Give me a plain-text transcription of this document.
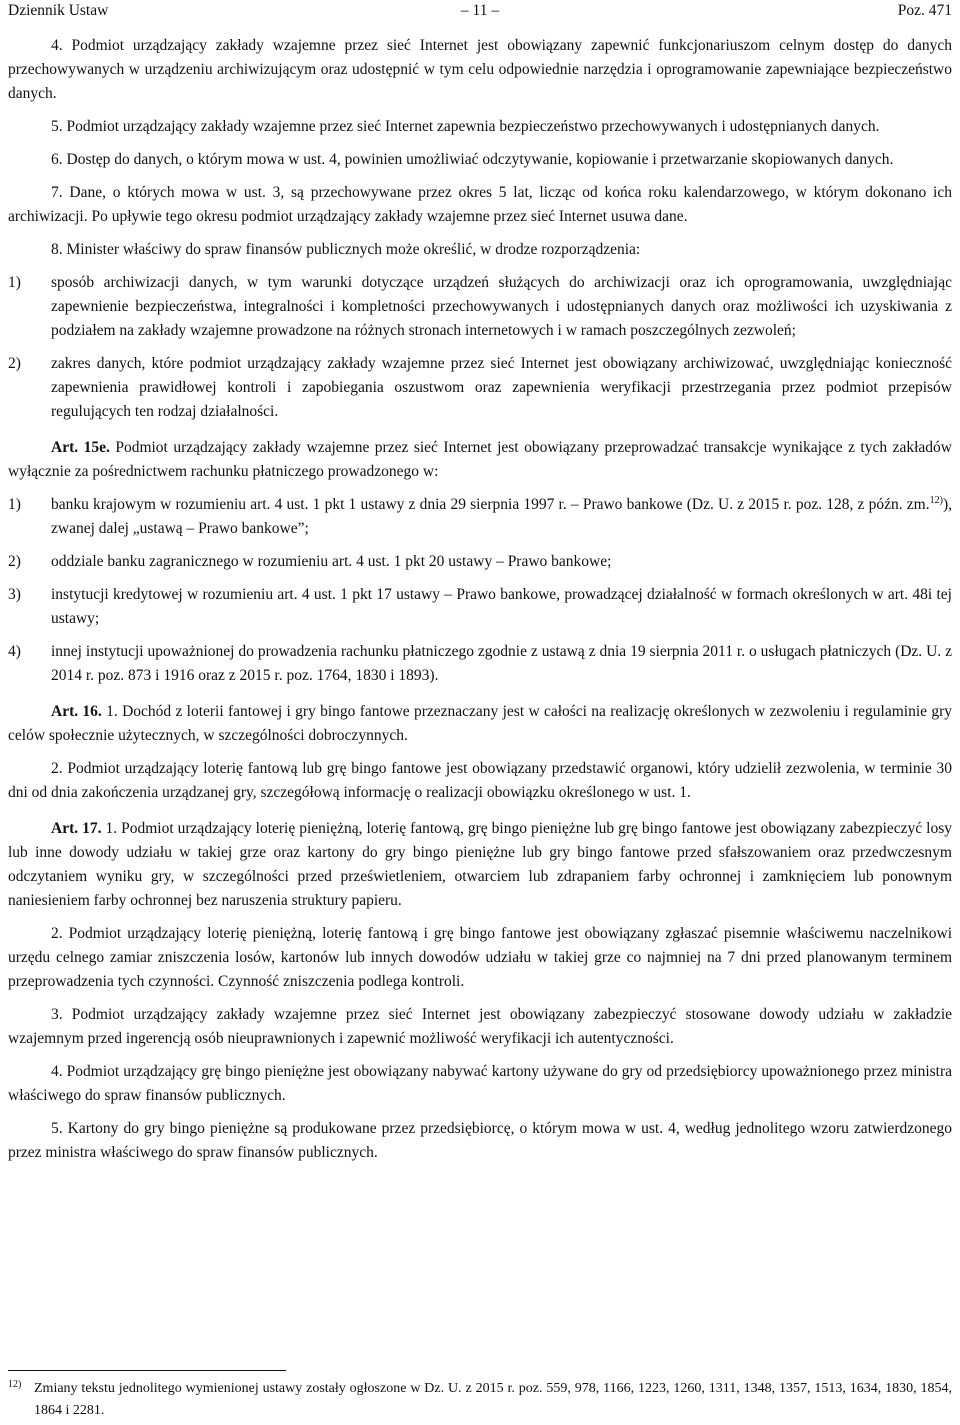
Dziennik Ustaw	– 11 –	Poz. 471

4. Podmiot urządzający zakłady wzajemne przez sieć Internet jest obowiązany zapewnić funkcjonariuszom celnym dostęp do danych przechowywanych w urządzeniu archiwizującym oraz udostępnić w tym celu odpowiednie narzędzia i oprogramowanie zapewniające bezpieczeństwo danych.

5. Podmiot urządzający zakłady wzajemne przez sieć Internet zapewnia bezpieczeństwo przechowywanych i udostępnianych danych.

6. Dostęp do danych, o którym mowa w ust. 4, powinien umożliwiać odczytywanie, kopiowanie i przetwarzanie skopiowanych danych.

7. Dane, o których mowa w ust. 3, są przechowywane przez okres 5 lat, licząc od końca roku kalendarzowego, w którym dokonano ich archiwizacji. Po upływie tego okresu podmiot urządzający zakłady wzajemne przez sieć Internet usuwa dane.

8. Minister właściwy do spraw finansów publicznych może określić, w drodze rozporządzenia:

1)	sposób archiwizacji danych, w tym warunki dotyczące urządzeń służących do archiwizacji oraz ich oprogramowania, uwzględniając zapewnienie bezpieczeństwa, integralności i kompletności przechowywanych i udostępnianych danych oraz możliwości ich uzyskiwania z podziałem na zakłady wzajemne prowadzone na różnych stronach internetowych i w ramach poszczególnych zezwoleń;
2)	zakres danych, które podmiot urządzający zakłady wzajemne przez sieć Internet jest obowiązany archiwizować, uwzględniając konieczność zapewnienia prawidłowej kontroli i zapobiegania oszustwom oraz zapewnienia weryfikacji przestrzegania przez podmiot przepisów regulujących ten rodzaj działalności.

Art. 15e. Podmiot urządzający zakłady wzajemne przez sieć Internet jest obowiązany przeprowadzać transakcje wynikające z tych zakładów wyłącznie za pośrednictwem rachunku płatniczego prowadzonego w:

1)	banku krajowym w rozumieniu art. 4 ust. 1 pkt 1 ustawy z dnia 29 sierpnia 1997 r. – Prawo bankowe (Dz. U. z 2015 r. poz. 128, z późn. zm.$^{12)}$), zwanej dalej „ustawą – Prawo bankowe”;
2)	oddziale banku zagranicznego w rozumieniu art. 4 ust. 1 pkt 20 ustawy – Prawo bankowe;
3)	instytucji kredytowej w rozumieniu art. 4 ust. 1 pkt 17 ustawy – Prawo bankowe, prowadzącej działalność w formach określonych w art. 48i tej ustawy;
4)	innej instytucji upoważnionej do prowadzenia rachunku płatniczego zgodnie z ustawą z dnia 19 sierpnia 2011 r. o usługach płatniczych (Dz. U. z 2014 r. poz. 873 i 1916 oraz z 2015 r. poz. 1764, 1830 i 1893).

Art. 16. 1. Dochód z loterii fantowej i gry bingo fantowe przeznaczany jest w całości na realizację określonych w zezwoleniu i regulaminie gry celów społecznie użytecznych, w szczególności dobroczynnych.

2. Podmiot urządzający loterię fantową lub grę bingo fantowe jest obowiązany przedstawić organowi, który udzielił zezwolenia, w terminie 30 dni od dnia zakończenia urządzanej gry, szczegółową informację o realizacji obowiązku określonego w ust. 1.

Art. 17. 1. Podmiot urządzający loterię pieniężną, loterię fantową, grę bingo pieniężne lub grę bingo fantowe jest obowiązany zabezpieczyć losy lub inne dowody udziału w takiej grze oraz kartony do gry bingo pieniężne lub gry bingo fantowe przed sfałszowaniem oraz przedwczesnym odczytaniem wyniku gry, w szczególności przed prześwietleniem, otwarciem lub zdrapaniem farby ochronnej i zamknięciem lub ponownym naniesieniem farby ochronnej bez naruszenia struktury papieru.

2. Podmiot urządzający loterię pieniężną, loterię fantową i grę bingo fantowe jest obowiązany zgłaszać pisemnie właściwemu naczelnikowi urzędu celnego zamiar zniszczenia losów, kartonów lub innych dowodów udziału w takiej grze co najmniej na 7 dni przed planowanym terminem przeprowadzenia tych czynności. Czynność zniszczenia podlega kontroli.

3. Podmiot urządzający zakłady wzajemne przez sieć Internet jest obowiązany zabezpieczyć stosowane dowody udziału w zakładzie wzajemnym przed ingerencją osób nieuprawnionych i zapewnić możliwość weryfikacji ich autentyczności.

4. Podmiot urządzający grę bingo pieniężne jest obowiązany nabywać kartony używane do gry od przedsiębiorcy upoważnionego przez ministra właściwego do spraw finansów publicznych.

5. Kartony do gry bingo pieniężne są produkowane przez przedsiębiorcę, o którym mowa w ust. 4, według jednolitego wzoru zatwierdzonego przez ministra właściwego do spraw finansów publicznych.

12) Zmiany tekstu jednolitego wymienionej ustawy zostały ogłoszone w Dz. U. z 2015 r. poz. 559, 978, 1166, 1223, 1260, 1311, 1348, 1357, 1513, 1634, 1830, 1854, 1864 i 2281.
